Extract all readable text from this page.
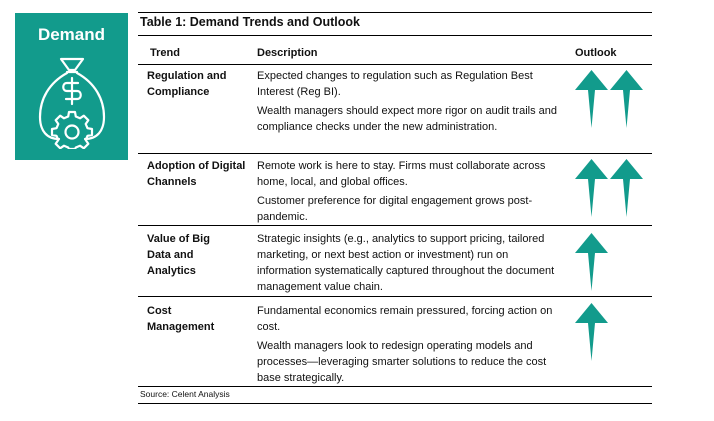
Demand
Table 1: Demand Trends and Outlook
Trend	Description	Outlook
Regulation and Compliance

Expected changes to regulation such as Regulation Best Interest (Reg BI).

Wealth managers should expect more rigor on audit trails and compliance checks under the new administration.

Adoption of Digital Channels

Remote work is here to stay. Firms must collaborate across home, local, and global offices.

Customer preference for digital engagement grows post-pandemic.

Value of Big Data and Analytics

Strategic insights (e.g., analytics to support pricing, tailored marketing, or next best action or investment) run on information systematically captured throughout the document management value chain.

Cost Management

Fundamental economics remain pressured, forcing action on cost.

Wealth managers look to redesign operating models and processes—leveraging smarter solutions to reduce the cost base strategically.

Source: Celent Analysis
